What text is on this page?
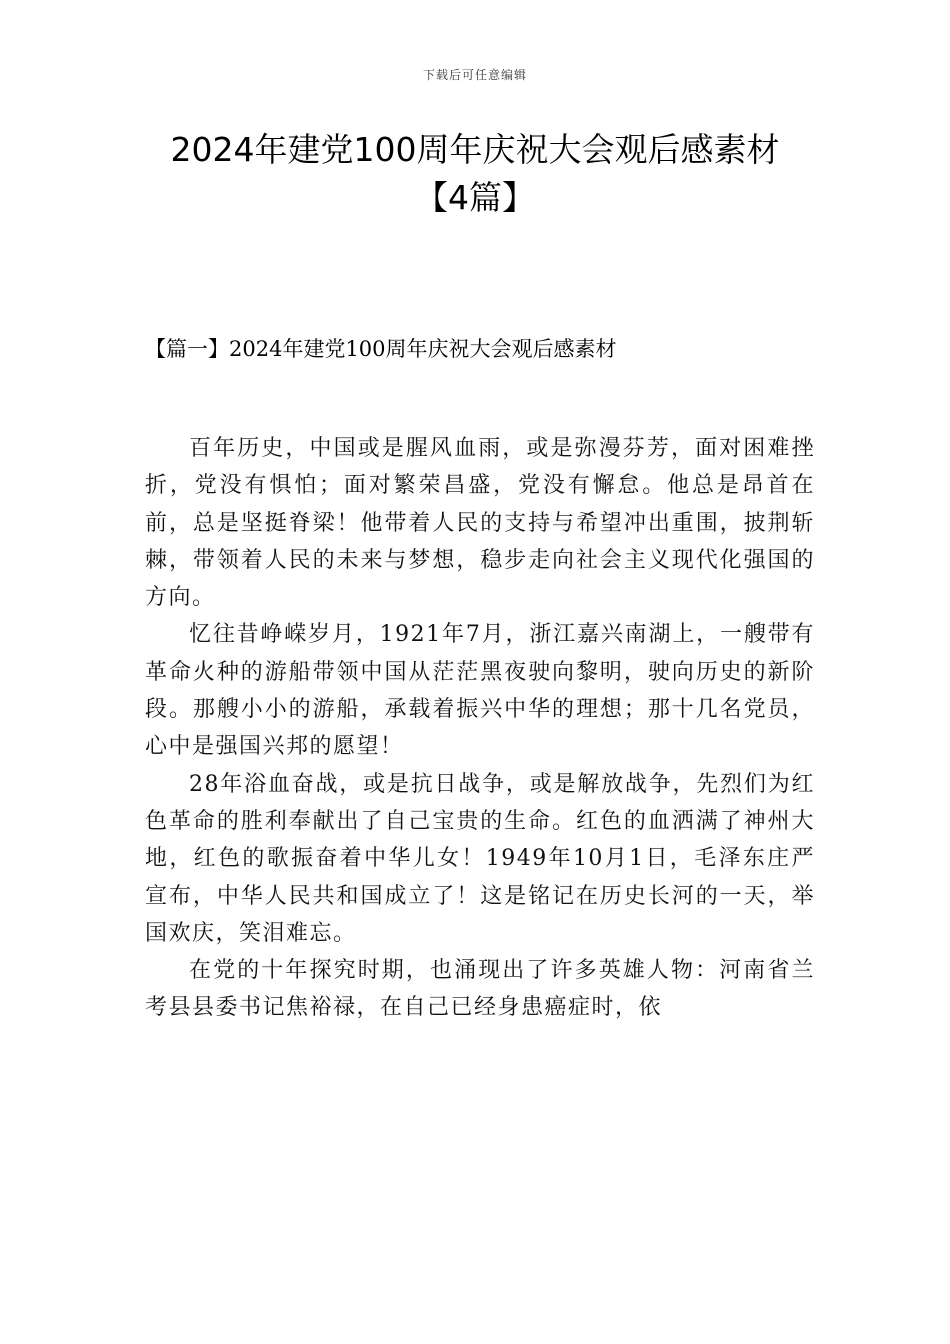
下载后可任意编辑
2024年建党100周年庆祝大会观后感素材
【4篇】
【篇一】2024年建党100周年庆祝大会观后感素材

百年历史，中国或是腥风血雨，或是弥漫芬芳，面对困难挫折，党没有惧怕；面对繁荣昌盛，党没有懈怠。他总是昂首在前，总是坚挺脊梁！他带着人民的支持与希望冲出重围，披荆斩棘，带领着人民的未来与梦想，稳步走向社会主义现代化强国的方向。

忆往昔峥嵘岁月，1921年7月，浙江嘉兴南湖上，一艘带有革命火种的游船带领中国从茫茫黑夜驶向黎明，驶向历史的新阶段。那艘小小的游船，承载着振兴中华的理想；那十几名党员，心中是强国兴邦的愿望！

28年浴血奋战，或是抗日战争，或是解放战争，先烈们为红色革命的胜利奉献出了自己宝贵的生命。红色的血洒满了神州大地，红色的歌振奋着中华儿女！1949年10月1日，毛泽东庄严宣布，中华人民共和国成立了！这是铭记在历史长河的一天，举国欢庆，笑泪难忘。

在党的十年探究时期，也涌现出了许多英雄人物：河南省兰考县县委书记焦裕禄，在自己已经身患癌症时，依
